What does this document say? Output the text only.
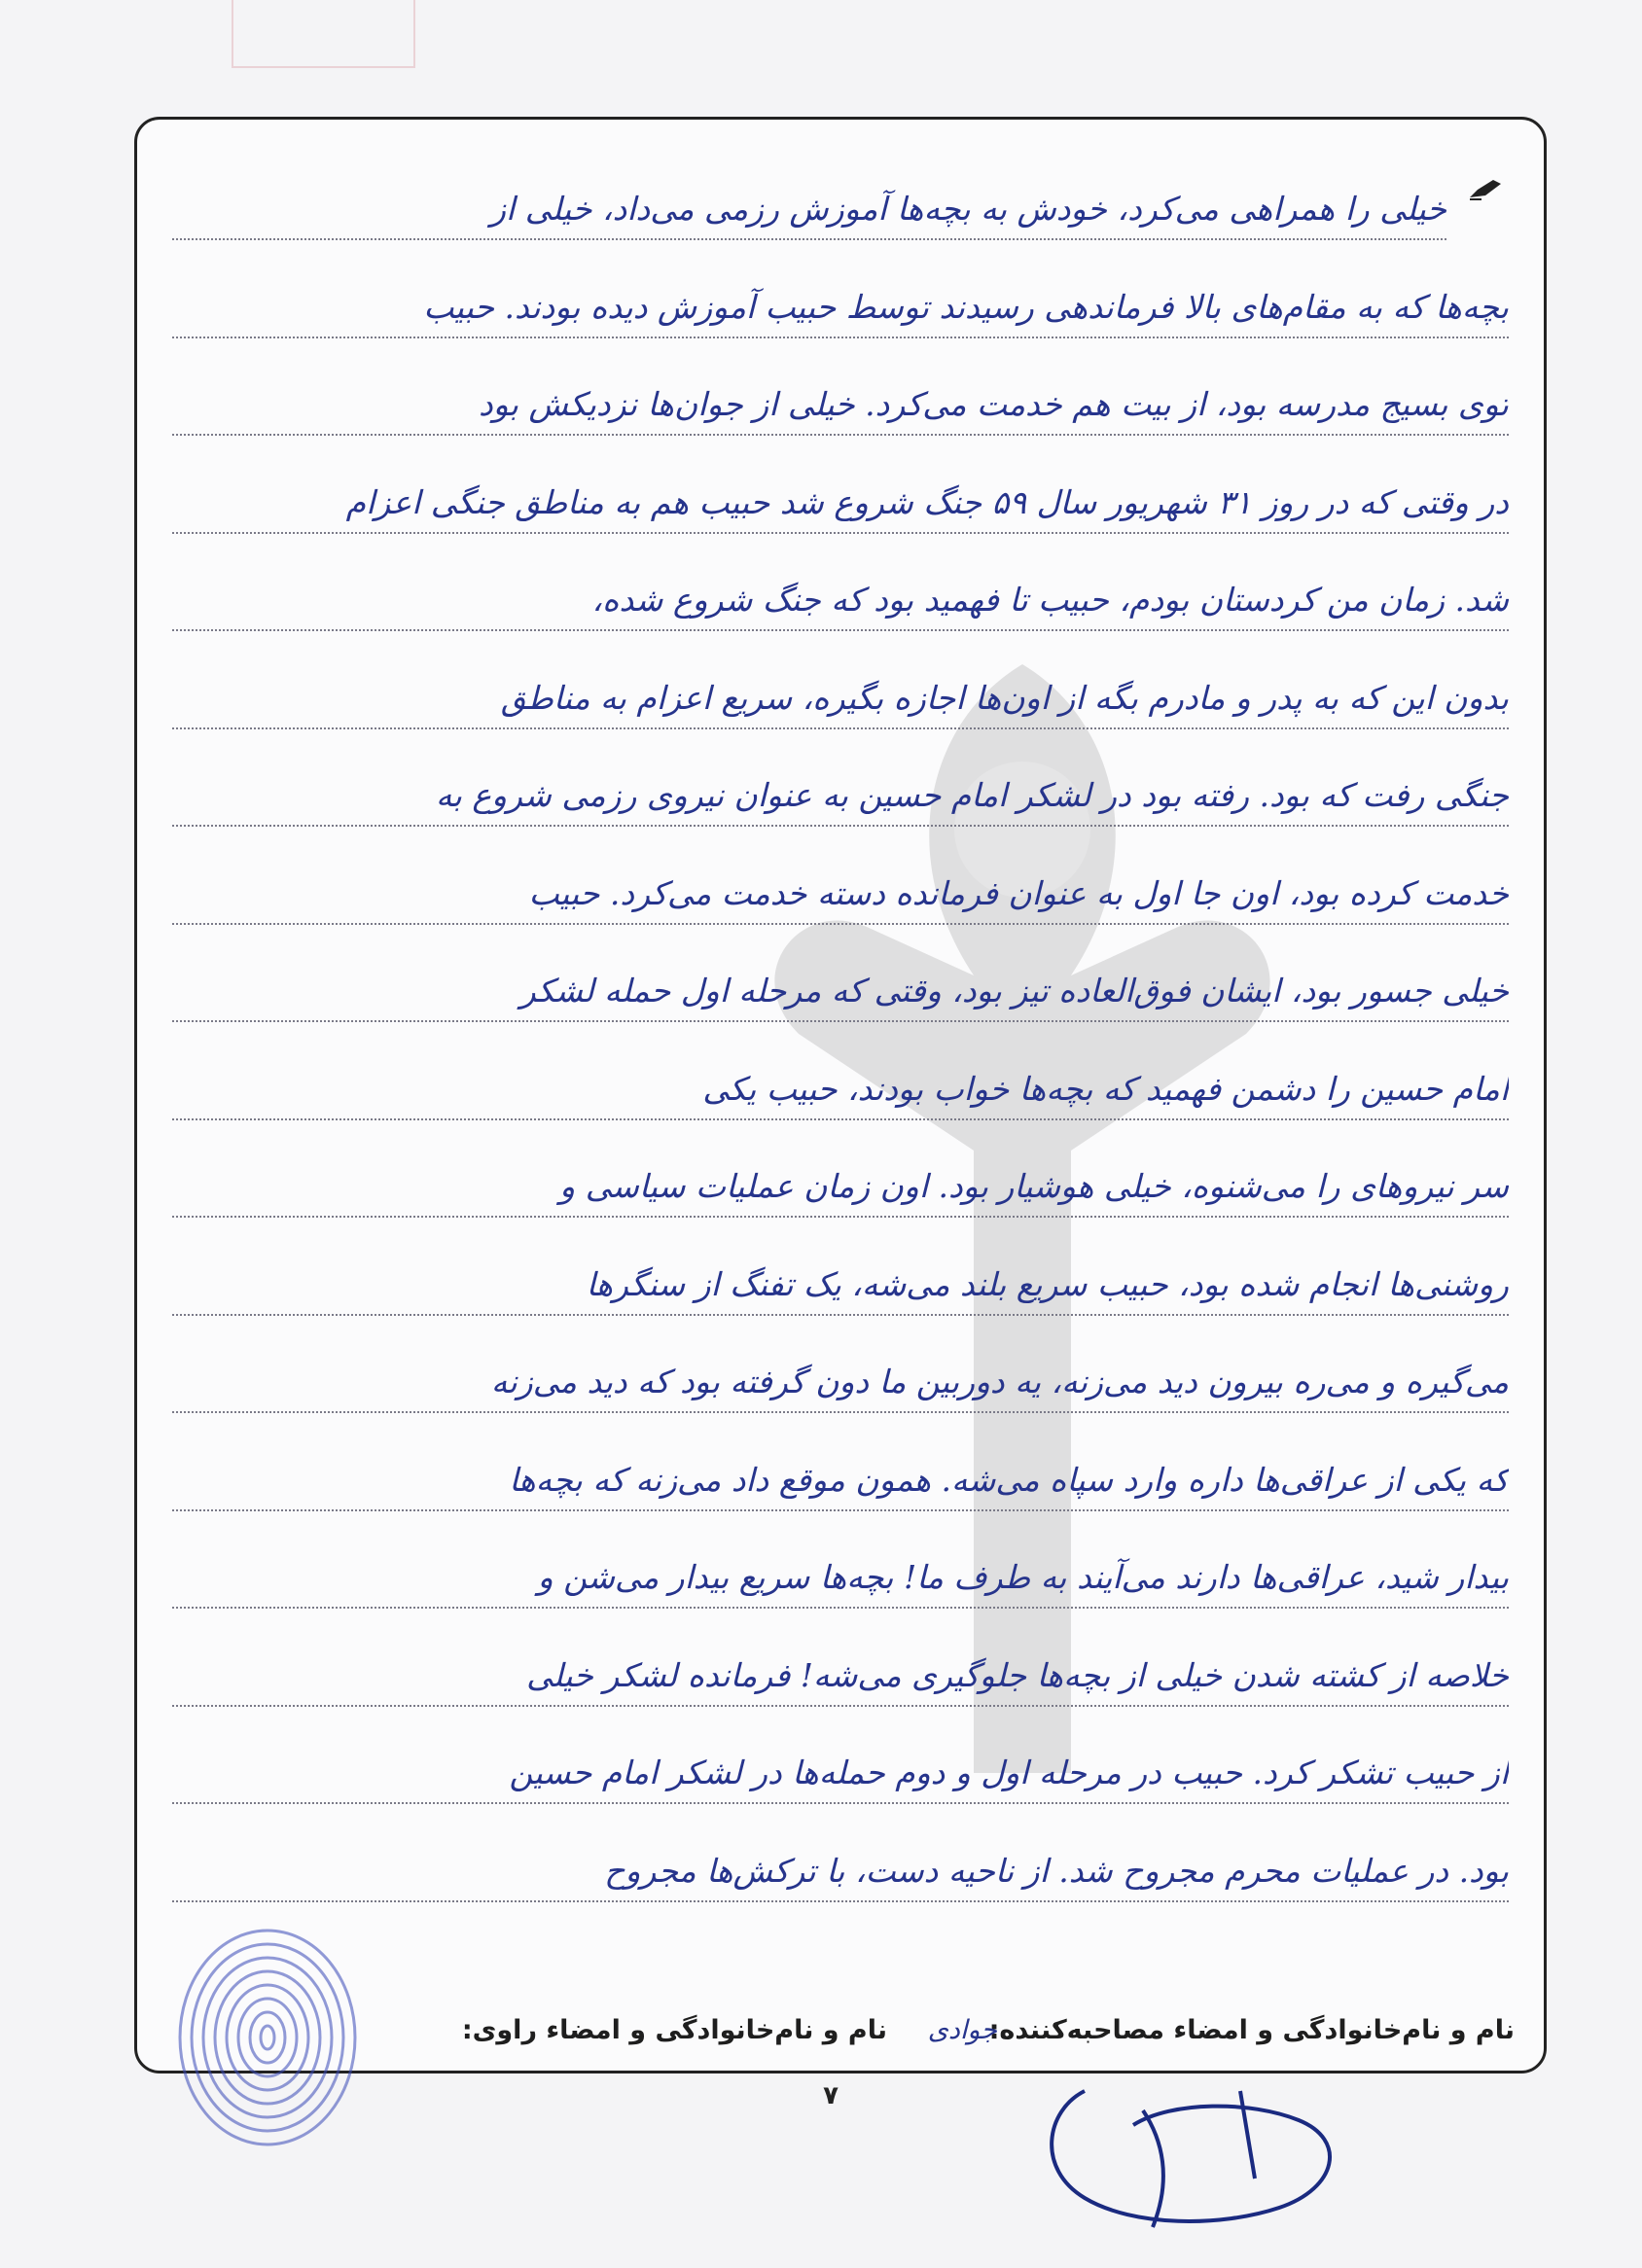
خیلی را همراهی می‌کرد، خودش به بچه‌ها آموزش رزمی می‌داد، خیلی از
بچه‌ها که به مقام‌های بالا فرماندهی رسیدند توسط حبیب آموزش دیده بودند. حبیب
توی بسیج مدرسه بود، از بیت هم خدمت می‌کرد. خیلی از جوان‌ها نزدیکش بود
در وقتی که در روز ۳۱ شهریور سال ۵۹ جنگ شروع شد حبیب هم به مناطق جنگی اعزام
شد. زمان من کردستان بودم، حبیب تا فهمید بود که جنگ شروع شده،
بدون این که به پدر و مادرم بگه از اون‌ها اجازه بگیره، سریع اعزام به مناطق
جنگی رفت که بود. رفته بود در لشکر امام حسین به عنوان نیروی رزمی شروع به
خدمت کرده بود، اون جا اول به عنوان فرمانده دسته خدمت می‌کرد. حبیب
خیلی جسور بود، ایشان فوق‌العاده تیز بود، وقتی که مرحله اول حمله لشکر
امام حسین را دشمن فهمید که بچه‌ها خواب بودند، حبیب یکی
سر نیروهای را می‌شنوه، خیلی هوشیار بود. اون زمان عملیات سیاسی و
روشنی‌ها انجام شده بود، حبیب سریع بلند می‌شه، یک تفنگ از سنگرها
می‌گیره و می‌ره بیرون دید می‌زنه، یه دوربین ما دون گرفته بود که دید می‌زنه
که یکی از عراقی‌ها داره وارد سپاه می‌شه. همون موقع داد می‌زنه که بچه‌ها
بیدار شید، عراقی‌ها دارند می‌آیند به طرف ما! بچه‌ها سریع بیدار می‌شن و
خلاصه از کشته شدن خیلی از بچه‌ها جلوگیری می‌شه! فرمانده لشکر خیلی
از حبیب تشکر کرد. حبیب در مرحله اول و دوم حمله‌ها در لشکر امام حسین
بود. در عملیات محرم مجروح شد. از ناحیه دست، با ترکش‌ها مجروح
نام و نام‌خانوادگی و امضاء مصاحبه‌کننده:
جوادی
نام و نام‌خانوادگی و امضاء راوی:
۷
